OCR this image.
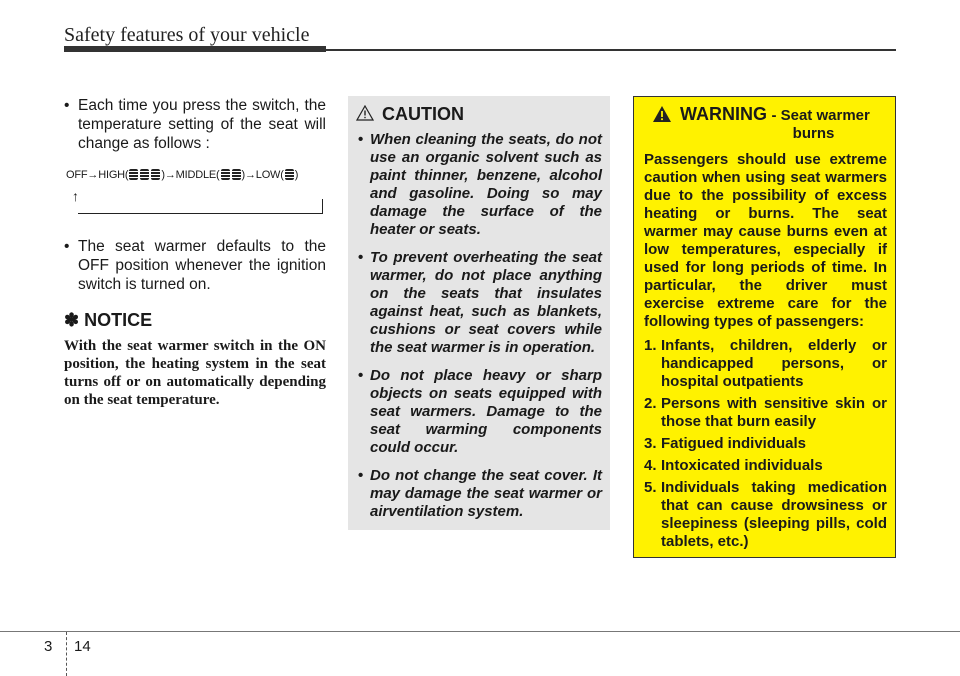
Safety features of your vehicle
• Each time you press the switch, the temperature setting of the seat will change as follows :
OFF→HIGH(	)→MIDDLE( )→LOW( )
↑
• The seat warmer defaults to the OFF position whenever the ignition switch is turned on.
✽ NOTICE
With the seat warmer switch in the ON position, the heating system in the seat turns off or on automatically depending on the seat temperature.
CAUTION
• When cleaning the seats, do not use an organic solvent such as paint thinner, benzene, alcohol and gasoline. Doing so may damage the surface of the heater or seats.
• To prevent overheating the seat warmer, do not place anything on the seats that insulates against heat, such as blankets, cushions or seat covers while the seat warmer is in operation.
• Do not place heavy or sharp objects on seats equipped with seat warmers. Damage to the seat warming components could occur.
• Do not change the seat cover. It may damage the seat warmer or airventilation system.
WARNING - Seat warmer
burns
Passengers should use extreme caution when using seat warmers due to the possibility of excess heating or burns. The seat warmer may cause burns even at low temperatures, especially if used for long periods of time. In particular, the driver must exercise extreme care for the following types of passengers:
1. Infants, children, elderly or handicapped persons, or hospital outpatients
2. Persons with sensitive skin or those that burn easily
3. Fatigued individuals
4. Intoxicated individuals
5. Individuals taking medication that can cause drowsiness or sleepiness (sleeping pills, cold tablets, etc.)
3 14
